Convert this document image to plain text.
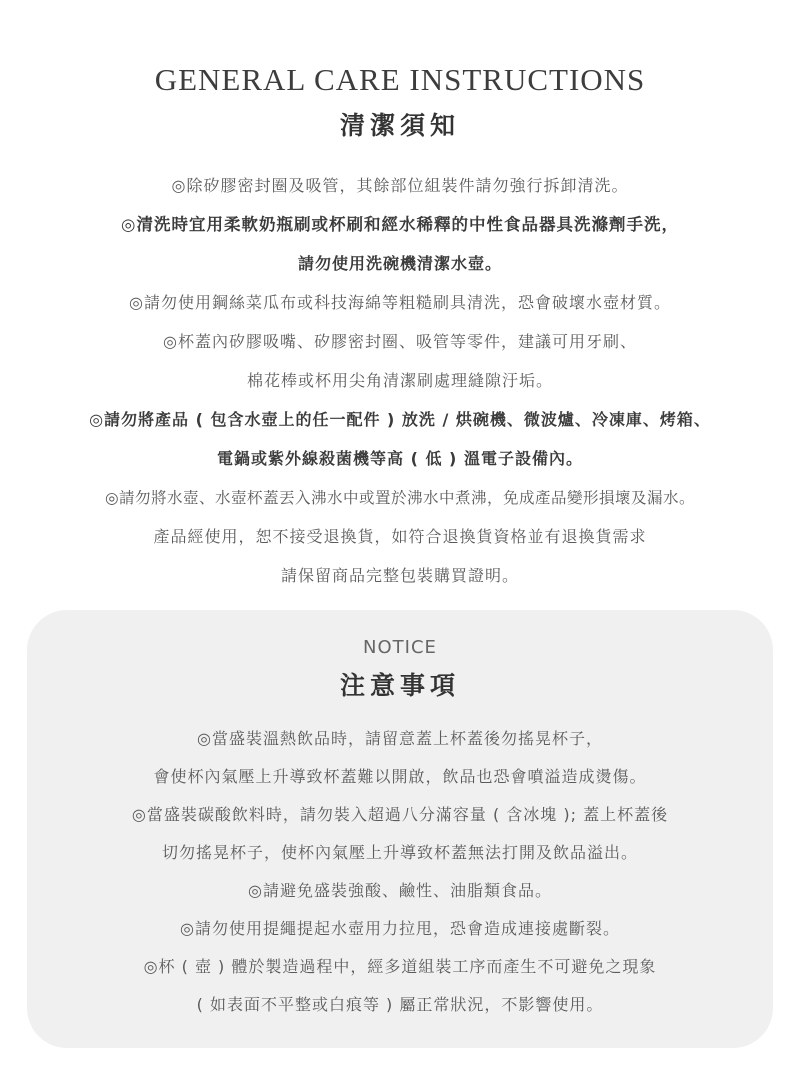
GENERAL CARE INSTRUCTIONS
清潔須知
◎除矽膠密封圈及吸管，其餘部位組裝件請勿強行拆卸清洗。
◎清洗時宜用柔軟奶瓶刷或杯刷和經水稀釋的中性食品器具洗滌劑手洗，
請勿使用洗碗機清潔水壺。
◎請勿使用鋼絲菜瓜布或科技海綿等粗糙刷具清洗，恐會破壞水壺材質。
◎杯蓋內矽膠吸嘴、矽膠密封圈、吸管等零件，建議可用牙刷、
棉花棒或杯用尖角清潔刷處理縫隙汙垢。
◎請勿將產品 ( 包含水壺上的任一配件 ) 放洗 / 烘碗機、微波爐、冷凍庫、烤箱、
電鍋或紫外線殺菌機等高 ( 低 ) 溫電子設備內。
◎請勿將水壺、水壺杯蓋丟入沸水中或置於沸水中煮沸，免成產品變形損壞及漏水。
產品經使用，恕不接受退換貨，如符合退換貨資格並有退換貨需求
請保留商品完整包裝購買證明。
NOTICE
注意事項
◎當盛裝溫熱飲品時，請留意蓋上杯蓋後勿搖晃杯子，
會使杯內氣壓上升導致杯蓋難以開啟，飲品也恐會噴溢造成燙傷。
◎當盛裝碳酸飲料時，請勿裝入超過八分滿容量 ( 含冰塊 ); 蓋上杯蓋後
切勿搖晃杯子，使杯內氣壓上升導致杯蓋無法打開及飲品溢出。
◎請避免盛裝強酸、鹼性、油脂類食品。
◎請勿使用提繩提起水壺用力拉甩，恐會造成連接處斷裂。
◎杯 ( 壺 ) 體於製造過程中，經多道組裝工序而產生不可避免之現象
( 如表面不平整或白痕等 ) 屬正常狀況，不影響使用。
